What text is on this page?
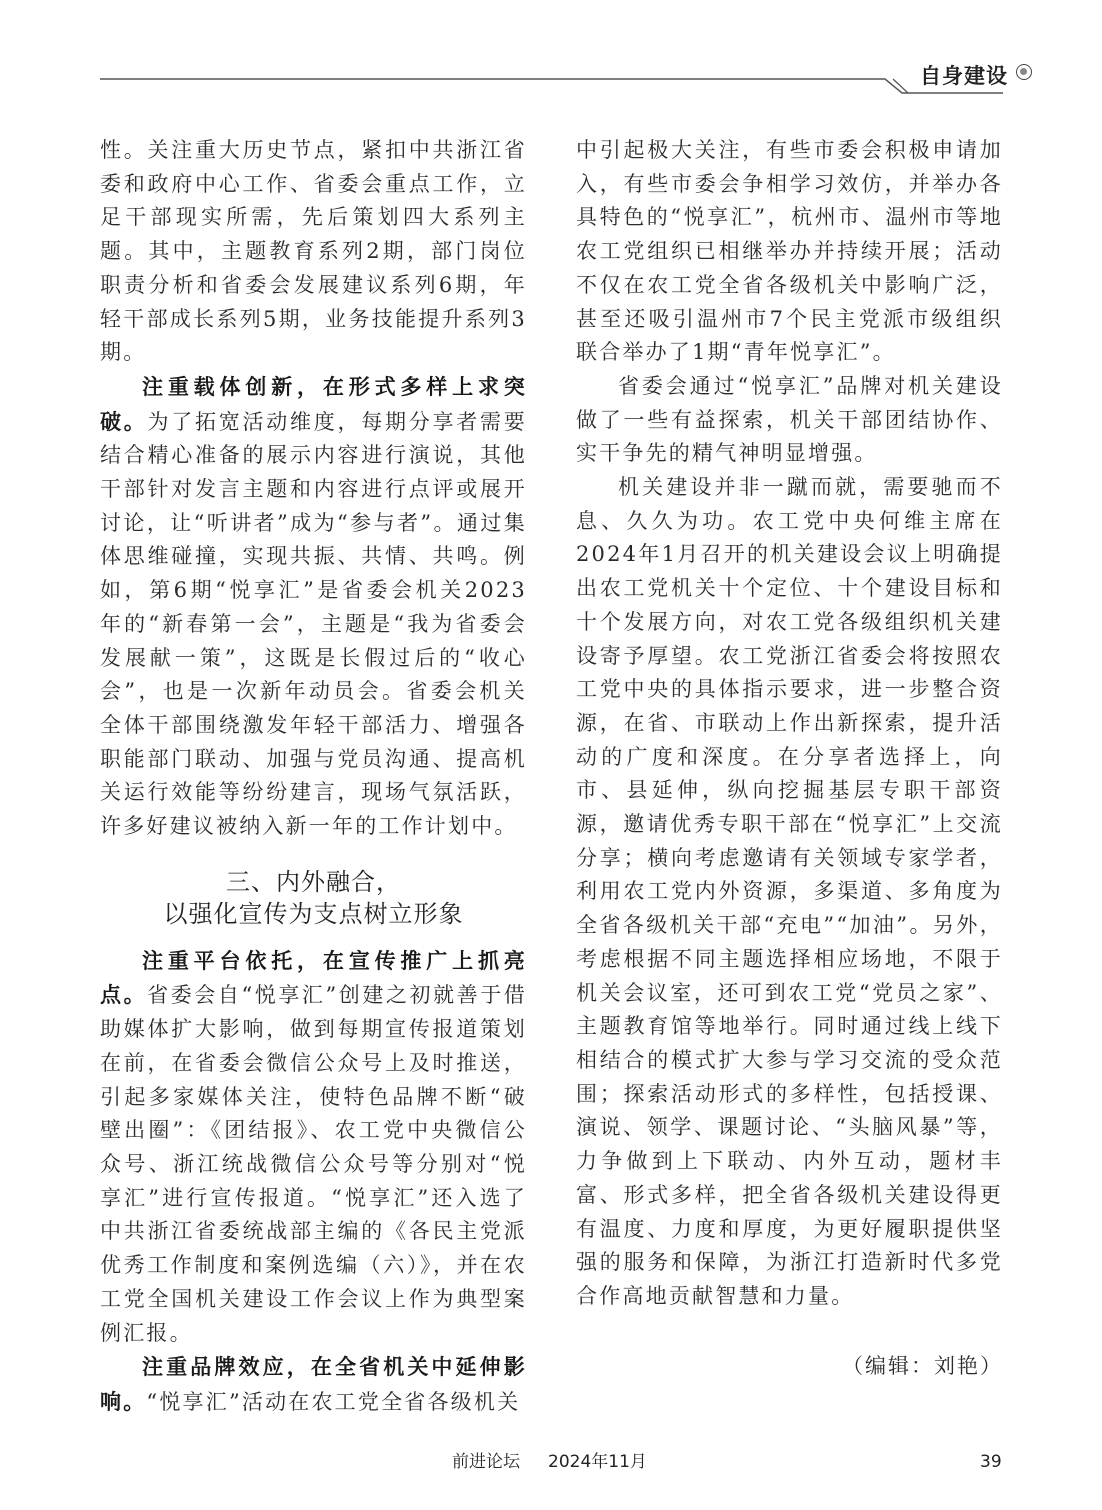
自身建设

性。关注重大历史节点，紧扣中共浙江省委和政府中心工作、省委会重点工作，立足干部现实所需，先后策划四大系列主题。其中，主题教育系列2期，部门岗位职责分析和省委会发展建议系列6期，年轻干部成长系列5期，业务技能提升系列3期。

注重载体创新，在形式多样上求突破。为了拓宽活动维度，每期分享者需要结合精心准备的展示内容进行演说，其他干部针对发言主题和内容进行点评或展开讨论，让“听讲者”成为“参与者”。通过集体思维碰撞，实现共振、共情、共鸣。例如，第6期“悦享汇”是省委会机关2023年的“新春第一会”，主题是“我为省委会发展献一策”，这既是长假过后的“收心会”，也是一次新年动员会。省委会机关全体干部围绕激发年轻干部活力、增强各职能部门联动、加强与党员沟通、提高机关运行效能等纷纷建言，现场气氛活跃，许多好建议被纳入新一年的工作计划中。

三、内外融合，
以强化宣传为支点树立形象

注重平台依托，在宣传推广上抓亮点。省委会自“悦享汇”创建之初就善于借助媒体扩大影响，做到每期宣传报道策划在前，在省委会微信公众号上及时推送，引起多家媒体关注，使特色品牌不断“破壁出圈”：《团结报》、农工党中央微信公众号、浙江统战微信公众号等分别对“悦享汇”进行宣传报道。“悦享汇”还入选了中共浙江省委统战部主编的《各民主党派优秀工作制度和案例选编（六）》，并在农工党全国机关建设工作会议上作为典型案例汇报。

注重品牌效应，在全省机关中延伸影响。“悦享汇”活动在农工党全省各级机关

中引起极大关注，有些市委会积极申请加入，有些市委会争相学习效仿，并举办各具特色的“悦享汇”，杭州市、温州市等地农工党组织已相继举办并持续开展；活动不仅在农工党全省各级机关中影响广泛，甚至还吸引温州市7个民主党派市级组织联合举办了1期“青年悦享汇”。

省委会通过“悦享汇”品牌对机关建设做了一些有益探索，机关干部团结协作、实干争先的精气神明显增强。

机关建设并非一蹴而就，需要驰而不息、久久为功。农工党中央何维主席在2024年1月召开的机关建设会议上明确提出农工党机关十个定位、十个建设目标和十个发展方向，对农工党各级组织机关建设寄予厚望。农工党浙江省委会将按照农工党中央的具体指示要求，进一步整合资源，在省、市联动上作出新探索，提升活动的广度和深度。在分享者选择上，向市、县延伸，纵向挖掘基层专职干部资源，邀请优秀专职干部在“悦享汇”上交流分享；横向考虑邀请有关领域专家学者，利用农工党内外资源，多渠道、多角度为全省各级机关干部“充电”“加油”。另外，考虑根据不同主题选择相应场地，不限于机关会议室，还可到农工党“党员之家”、主题教育馆等地举行。同时通过线上线下相结合的模式扩大参与学习交流的受众范围；探索活动形式的多样性，包括授课、演说、领学、课题讨论、“头脑风暴”等，力争做到上下联动、内外互动，题材丰富、形式多样，把全省各级机关建设得更有温度、力度和厚度，为更好履职提供坚强的服务和保障，为浙江打造新时代多党合作高地贡献智慧和力量。

（编辑：刘艳）
前进论坛 2024年11月	39
